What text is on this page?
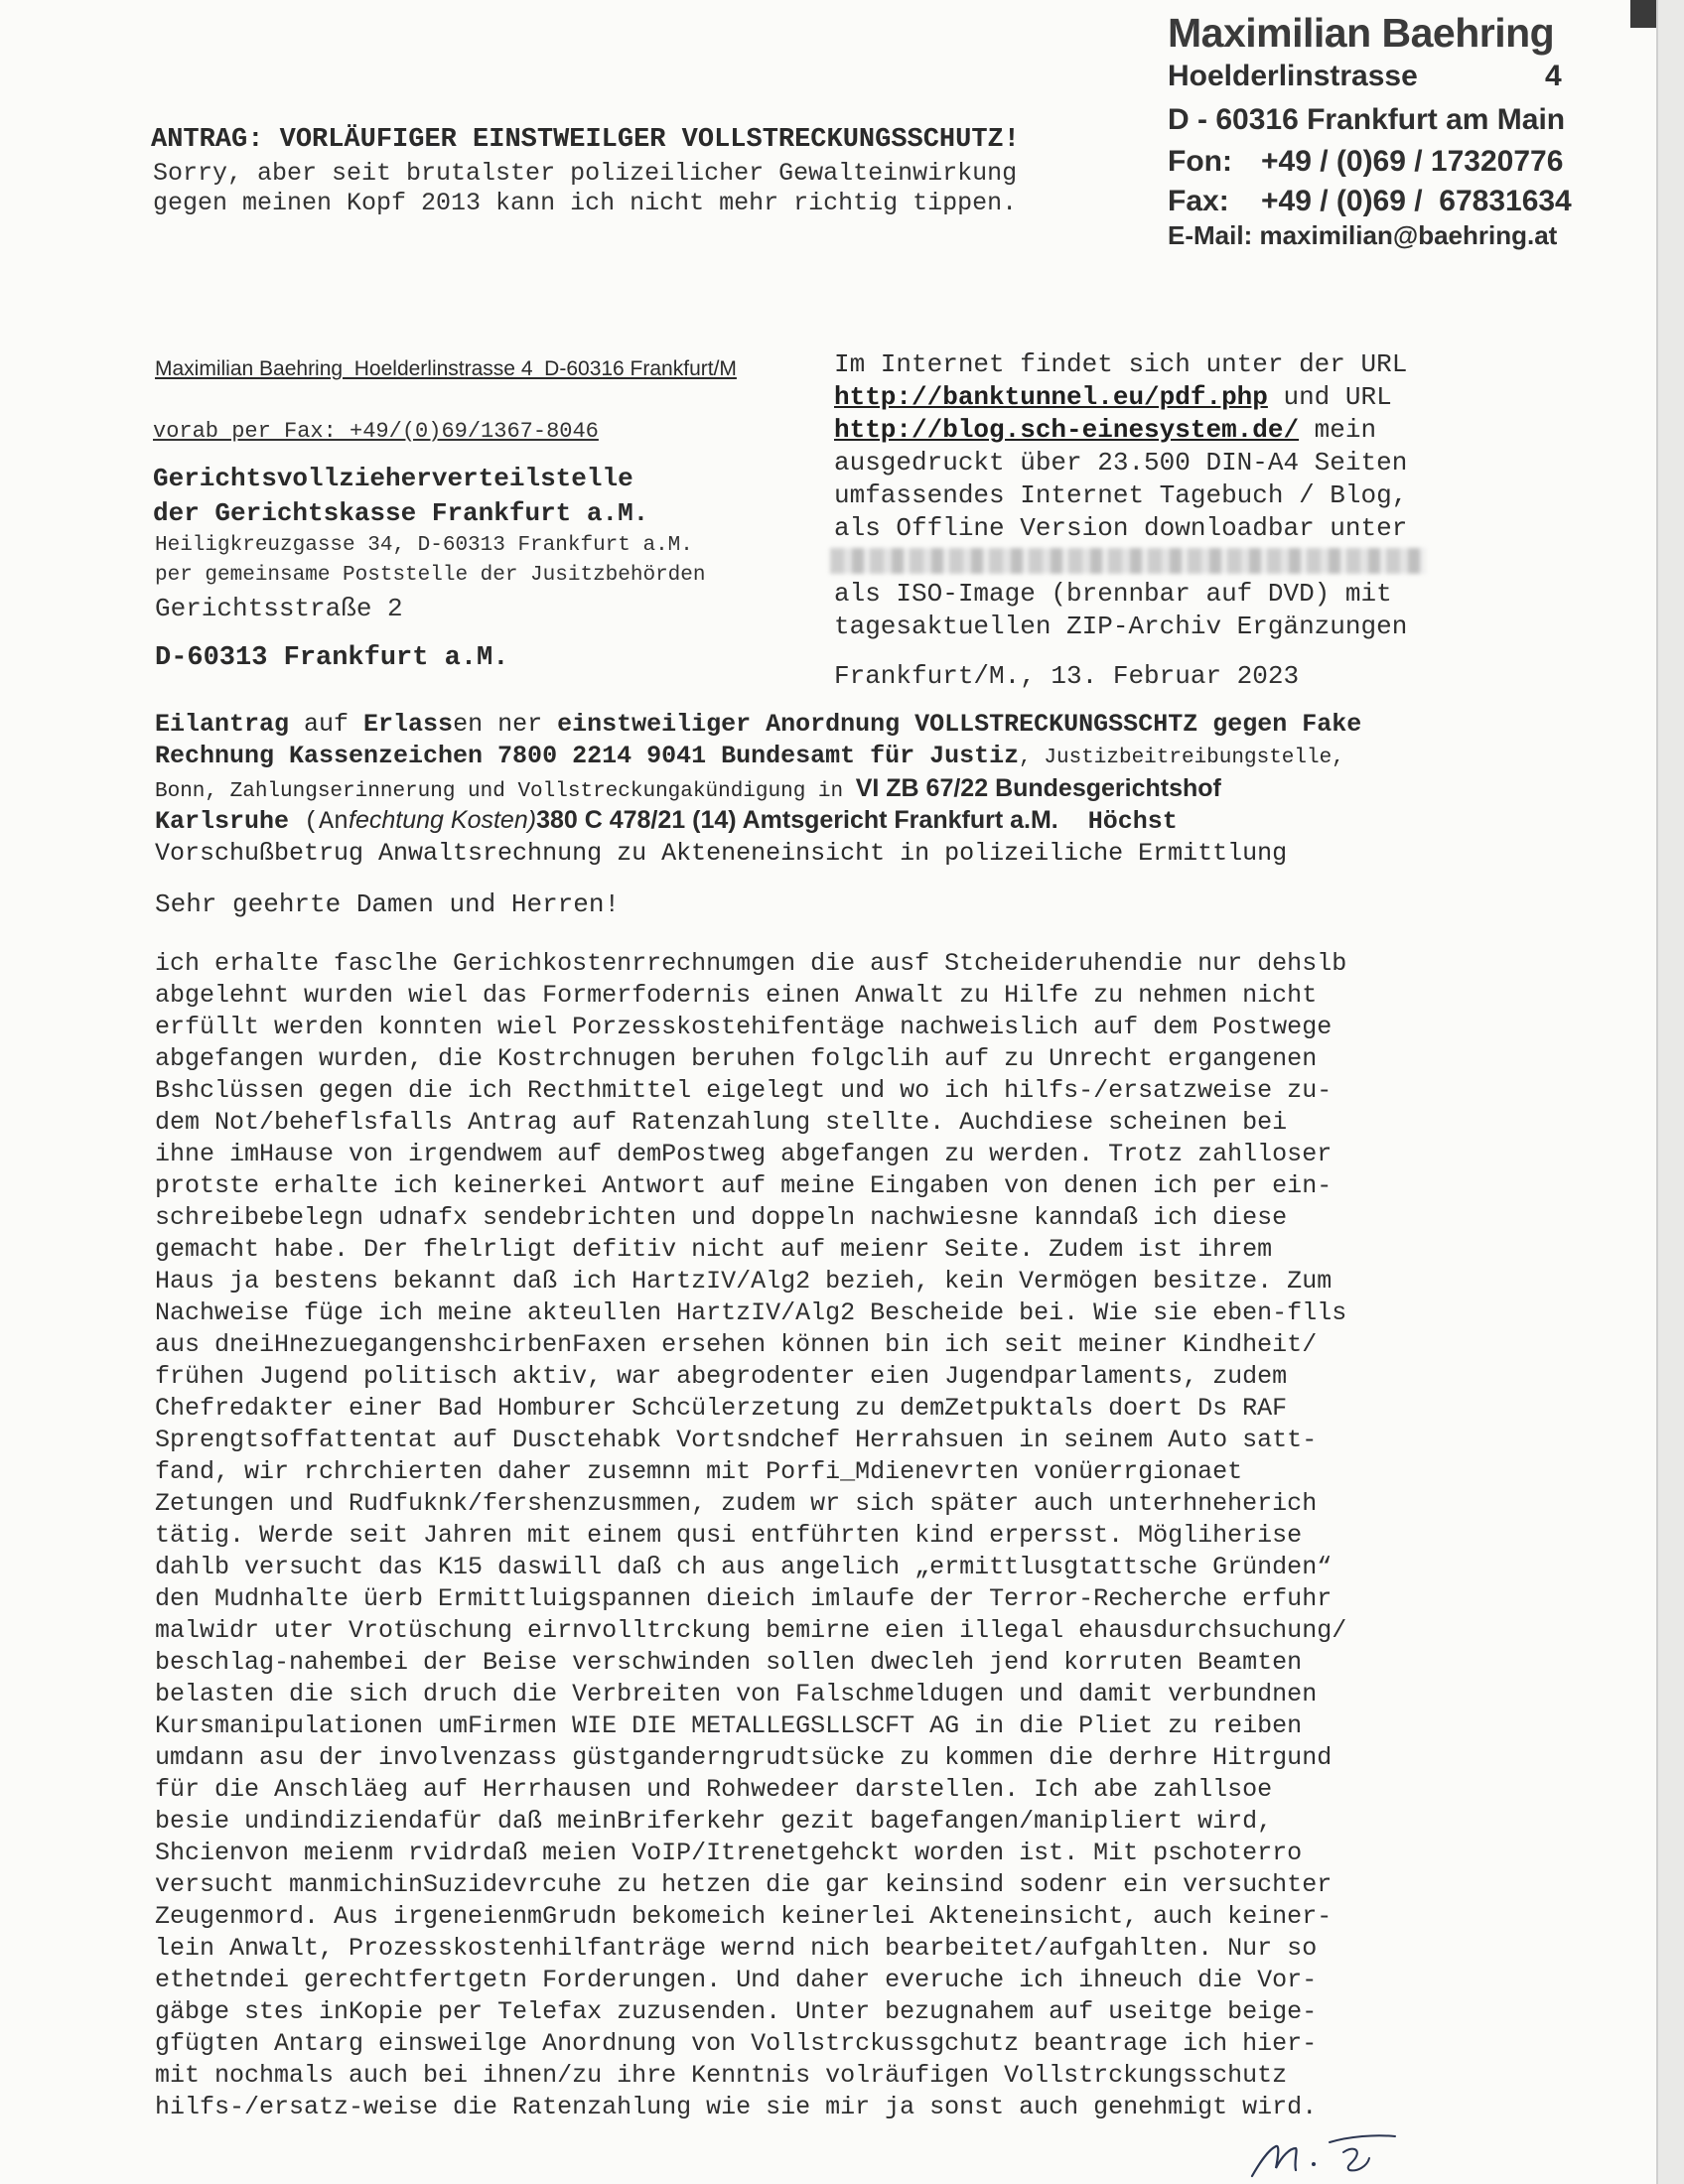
Maximilian Baehring
Hoelderlinstrasse	4
D - 60316 Frankfurt am Main
Fon: +49 / (0)69 / 17320776
Fax: +49 / (0)69 /  67831634
E-Mail: maximilian@baehring.at
ANTRAG: VORLÄUFIGER EINSTWEILGER VOLLSTRECKUNGSSCHUTZ!
Sorry, aber seit brutalster polizeilicher Gewalteinwirkung
gegen meinen Kopf 2013 kann ich nicht mehr richtig tippen.
Maximilian Baehring  Hoelderlinstrasse 4  D-60316 Frankfurt/M
vorab per Fax: +49/(0)69/1367-8046
Gerichtsvollzieherverteilstelle
der Gerichtskasse Frankfurt a.M.
Heiligkreuzgasse 34, D-60313 Frankfurt a.M.
per gemeinsame Poststelle der Jusitzbehörden
Gerichtsstraße 2
D-60313 Frankfurt a.M.
Im Internet findet sich unter der URL
http://banktunnel.eu/pdf.php und URL
http://blog.sch-einesystem.de/ mein
ausgedruckt über 23.500 DIN-A4 Seiten
umfassendes Internet Tagebuch / Blog,
als Offline Version downloadbar unter
als ISO-Image (brennbar auf DVD) mit
tagesaktuellen ZIP-Archiv Ergänzungen
Frankfurt/M., 13. Februar 2023
Eilantrag auf Erlassen ner einstweiliger Anordnung VOLLSTRECKUNGSSCHTZ gegen Fake
Rechnung Kassenzeichen 7800 2214 9041 Bundesamt für Justiz, Justizbeitreibungstelle,
Bonn, Zahlungserinnerung und Vollstreckungakündigung in VI ZB 67/22 Bundesgerichtshof
Karlsruhe (Anfechtung Kosten)380 C 478/21 (14) Amtsgericht Frankfurt a.M.  Höchst
Vorschußbetrug Anwaltsrechnung zu Akteneneinsicht in polizeiliche Ermittlung
Sehr geehrte Damen und Herren!
ich erhalte fasclhe Gerichkostenrrechnumgen die ausf Stcheideruhendie nur dehslb
abgelehnt wurden wiel das Formerfodernis einen Anwalt zu Hilfe zu nehmen nicht
erfüllt werden konnten wiel Porzesskostehifentäge nachweislich auf dem Postwege
abgefangen wurden, die Kostrchnugen beruhen folgclih auf zu Unrecht ergangenen
Bshclüssen gegen die ich Recthmittel eigelegt und wo ich hilfs-/ersatzweise zu-
dem Not/beheflsfalls Antrag auf Ratenzahlung stellte. Auchdiese scheinen bei
ihne imHause von irgendwem auf demPostweg abgefangen zu werden. Trotz zahlloser
protste erhalte ich keinerkei Antwort auf meine Eingaben von denen ich per ein-
schreibebelegn udnafx sendebrichten und doppeln nachwiesne kanndaß ich diese
gemacht habe. Der fhelrligt defitiv nicht auf meienr Seite. Zudem ist ihrem
Haus ja bestens bekannt daß ich HartzIV/Alg2 bezieh, kein Vermögen besitze. Zum
Nachweise füge ich meine akteullen HartzIV/Alg2 Bescheide bei. Wie sie eben-flls
aus dneiHnezuegangenshcirbenFaxen ersehen können bin ich seit meiner Kindheit/
frühen Jugend politisch aktiv, war abegrodenter eien Jugendparlaments, zudem
Chefredakter einer Bad Homburer Schcülerzetung zu demZetpuktals doert Ds RAF
Sprengtsoffattentat auf Dusctehabk Vortsndchef Herrahsuen in seinem Auto satt-
fand, wir rchrchierten daher zusemnn mit Porfi_Mdienevrten vonüerrgionaet
Zetungen und Rudfuknk/fershenzusmmen, zudem wr sich später auch unterhneherich
tätig. Werde seit Jahren mit einem qusi entführten kind erpersst. Mögliherise
dahlb versucht das K15 daswill daß ch aus angelich „ermittlusgtattsche Gründen“
den Mudnhalte üerb Ermittluigspannen dieich imlaufe der Terror-Recherche erfuhr
malwidr uter Vrotüschung eirnvolltrckung bemirne eien illegal ehausdurchsuchung/
beschlag-nahembei der Beise verschwinden sollen dwecleh jend korruten Beamten
belasten die sich druch die Verbreiten von Falschmeldugen und damit verbundnen
Kursmanipulationen umFirmen WIE DIE METALLEGSLLSCFT AG in die Pliet zu reiben
umdann asu der involvenzass güstganderngrudtsücke zu kommen die derhre Hitrgund
für die Anschläeg auf Herrhausen und Rohwedeer darstellen. Ich abe zahllsoe
besie undindiziendafür daß meinBriferkehr gezit bagefangen/manipliert wird,
Shcienvon meienm rvidrdaß meien VoIP/Itrenetgehckt worden ist. Mit pschoterro
versucht manmichinSuzidevrcuhe zu hetzen die gar keinsind sodenr ein versuchter
Zeugenmord. Aus irgeneienmGrudn bekomeich keinerlei Akteneinsicht, auch keiner-
lein Anwalt, Prozesskostenhilfanträge wernd nich bearbeitet/aufgahlten. Nur so
ethetndei gerechtfertgetn Forderungen. Und daher everuche ich ihneuch die Vor-
gäbge stes inKopie per Telefax zuzusenden. Unter bezugnahem auf useitge beige-
gfügten Antarg einsweilge Anordnung von Vollstrckussgchutz beantrage ich hier-
mit nochmals auch bei ihnen/zu ihre Kenntnis volräufigen Vollstrckungsschutz
hilfs-/ersatz-weise die Ratenzahlung wie sie mir ja sonst auch genehmigt wird.
